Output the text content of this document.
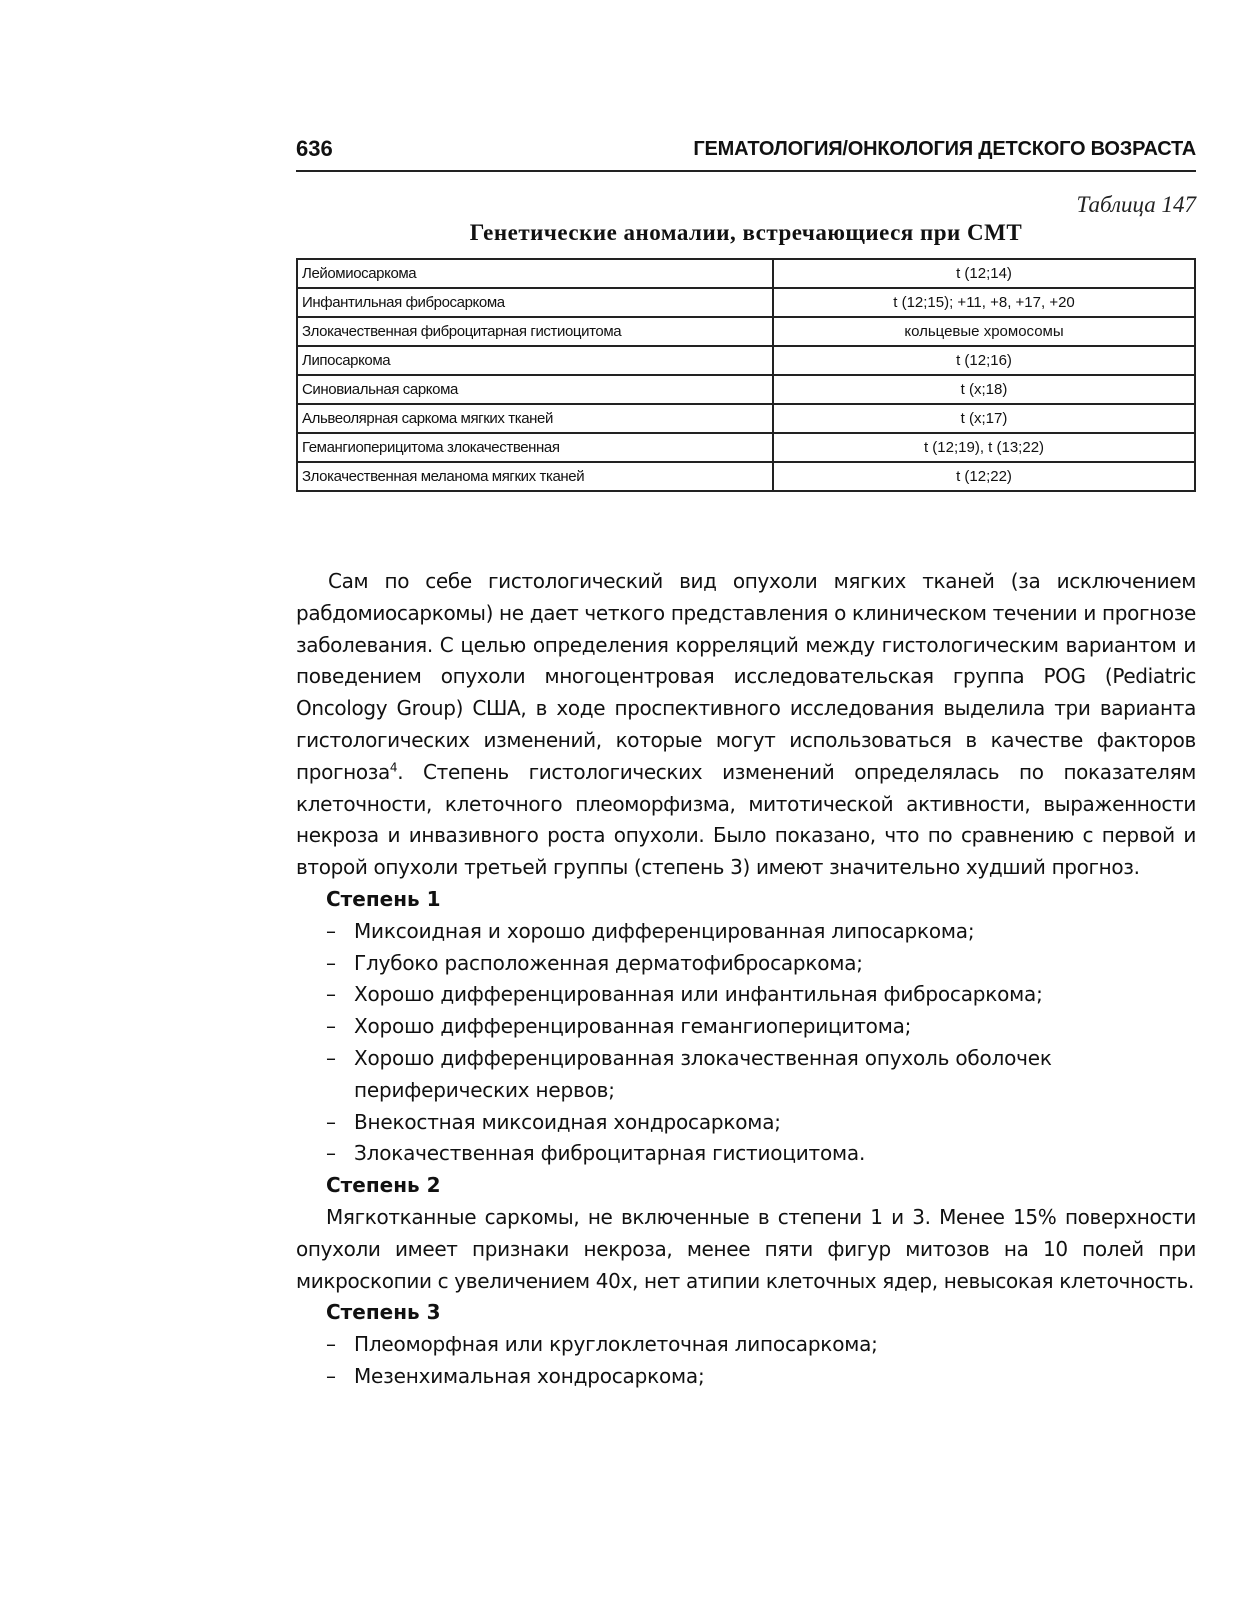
636	ГЕМАТОЛОГИЯ/ОНКОЛОГИЯ ДЕТСКОГО ВОЗРАСТА
Таблица 147
Генетические аномалии, встречающиеся при СМТ
Лейомиосаркома	t (12;14)
Инфантильная фибросаркома	t (12;15); +11, +8, +17, +20
Злокачественная фиброцитарная гистиоцитома	кольцевые хромосомы
Липосаркома	t (12;16)
Синовиальная саркома	t (x;18)
Альвеолярная саркома мягких тканей	t (x;17)
Гемангиоперицитома злокачественная	t (12;19), t (13;22)
Злокачественная меланома мягких тканей	t (12;22)

Сам по себе гистологический вид опухоли мягких тканей (за исключением рабдомиосаркомы) не дает четкого представления о клиническом течении и прогнозе заболевания. С целью определения корреляций между гистологическим вариантом и поведением опухоли многоцентровая исследовательская группа POG (Pediatric Oncology Group) США, в ходе проспективного исследования выделила три варианта гистологических изменений, которые могут использоваться в качестве факторов прогноза$^4$. Степень гистологических изменений определялась по показателям клеточности, клеточного плеоморфизма, митотической активности, выраженности некроза и инвазивного роста опухоли. Было показано, что по сравнению с первой и второй опухоли третьей группы (степень 3) имеют значительно худший прогноз.

Степень 1

– Миксоидная и хорошо дифференцированная липосаркома;
– Глубоко расположенная дерматофибросаркома;
– Хорошо дифференцированная или инфантильная фибросаркома;
– Хорошо дифференцированная гемангиоперицитома;
– Хорошо дифференцированная злокачественная опухоль оболочек периферических нервов;
– Внекостная миксоидная хондросаркома;
– Злокачественная фиброцитарная гистиоцитома.

Степень 2

Мягкотканные саркомы, не включенные в степени 1 и 3. Менее 15% поверхности опухоли имеет признаки некроза, менее пяти фигур митозов на 10 полей при микроскопии с увеличением 40х, нет атипии клеточных ядер, невысокая клеточность.

Степень 3

– Плеоморфная или круглоклеточная липосаркома;
– Мезенхимальная хондросаркома;
